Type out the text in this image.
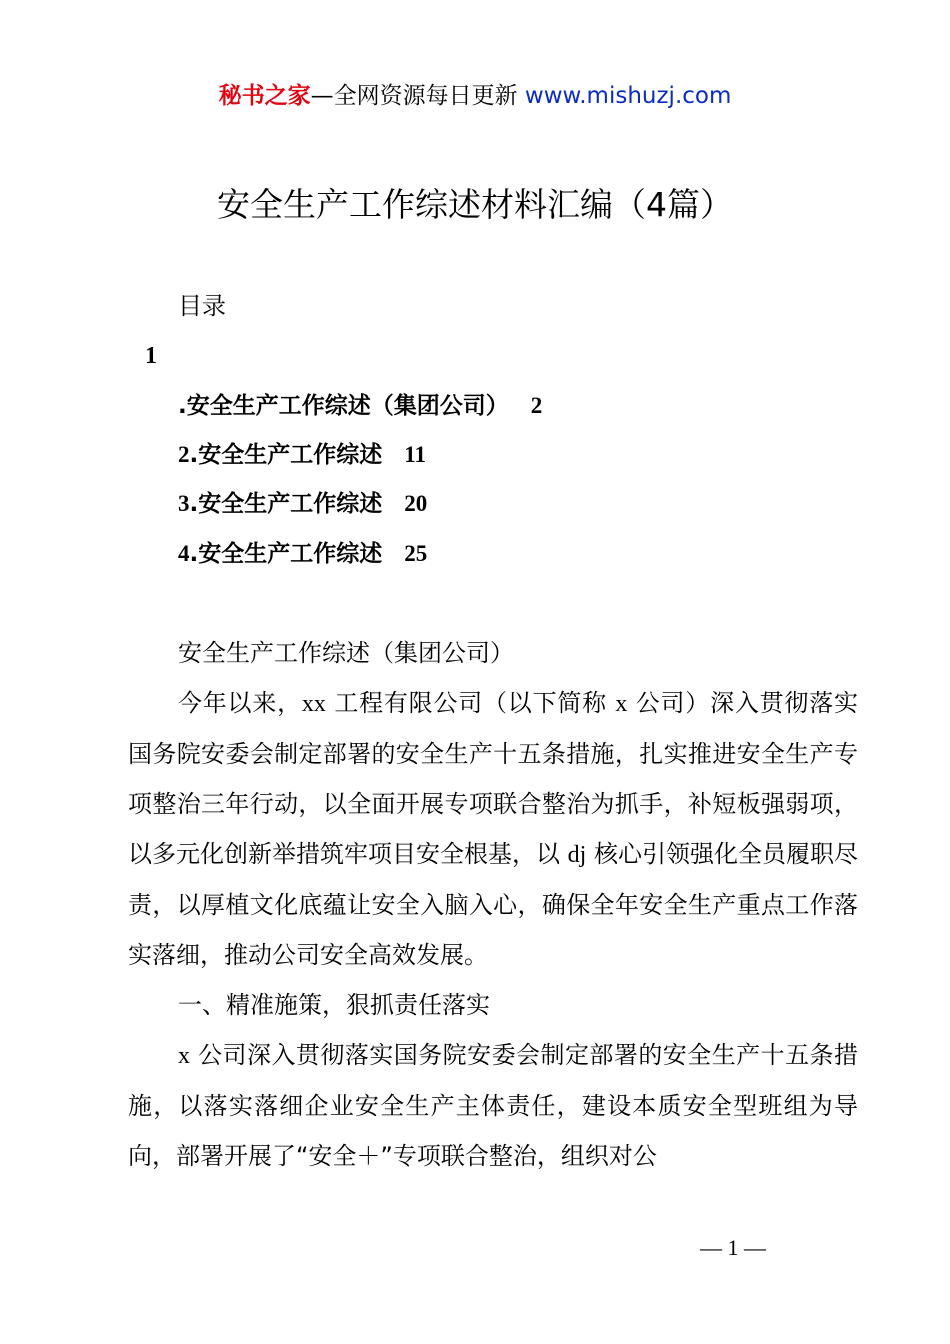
秘书之家—全网资源每日更新 www.mishuzj.com
安全生产工作综述材料汇编（4篇）
目录
1
.安全生产工作综述（集团公司） 2
2.安全生产工作综述 11
3.安全生产工作综述 20
4.安全生产工作综述 25
安全生产工作综述（集团公司）
今年以来，xx 工程有限公司（以下简称 x 公司）深入贯彻落实国务院安委会制定部署的安全生产十五条措施，扎实推进安全生产专项整治三年行动，以全面开展专项联合整治为抓手，补短板强弱项，以多元化创新举措筑牢项目安全根基，以 dj 核心引领强化全员履职尽责，以厚植文化底蕴让安全入脑入心，确保全年安全生产重点工作落实落细，推动公司安全高效发展。
一、精准施策，狠抓责任落实
x 公司深入贯彻落实国务院安委会制定部署的安全生产十五条措施，以落实落细企业安全生产主体责任，建设本质安全型班组为导向，部署开展了“安全＋”专项联合整治，组织对公
— 1 —
